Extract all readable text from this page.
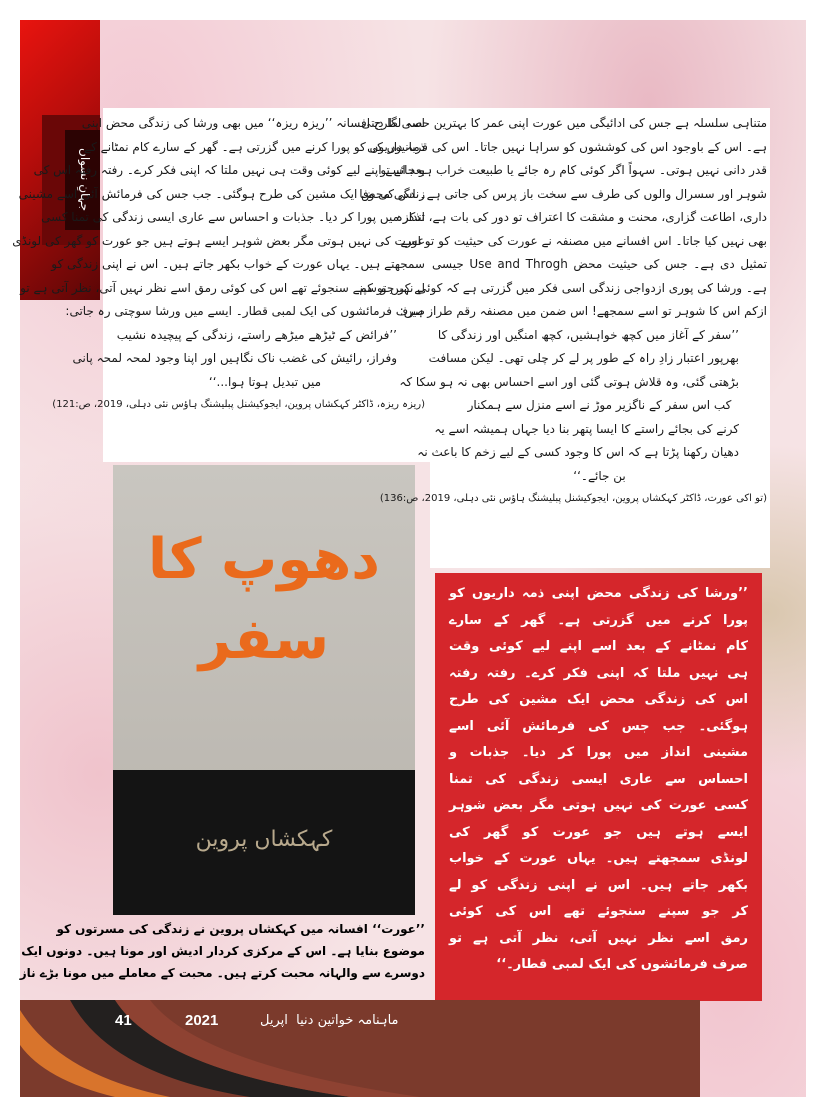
جہانِ نسواں

اسی طرح افسانہ ’’ریزہ ریزہ‘‘ میں بھی ورشا کی زندگی محض اپنی

ذمہ داریوں کو پورا کرنے میں گزرتی ہے۔ گھر کے سارے کام نمٹانے کے

بعد اسے اپنے لیے کوئی وقت ہی نہیں ملتا کہ اپنی فکر کرے۔ رفتہ رفتہ اس کی

زندگی محض ایک مشین کی طرح ہوگئی۔ جب جس کی فرمائش آئی اسے مشینی

انداز میں پورا کر دیا۔ جذبات و احساس سے عاری ایسی زندگی کی تمنا کسی

عورت کی نہیں ہوتی مگر بعض شوہر ایسے ہوتے ہیں جو عورت کو گھر کی لونڈی

سمجھتے ہیں۔ یہاں عورت کے خواب بکھر جاتے ہیں۔ اس نے اپنی زندگی کو

لے کر جو سپنے سنجوئے تھے اس کی کوئی رمق اسے نظر نہیں آتی، نظر آتی ہے تو

صرف فرمائشوں کی ایک لمبی قطار۔ ایسے میں ورشا سوچتی رہ جاتی:

’’فرائض کے ٹیڑھے میڑھے راستے، زندگی کے پیچیدہ نشیب
وفراز، رائیش کی غضب ناک نگاہیں اور اپنا وجود لمحہ لمحہ پانی
میں تبدیل ہوتا ہوا...‘‘
(ریزہ ریزہ، ڈاکٹر کہکشاں پروین، ایجوکیشنل پبلیشنگ ہاؤس نئی دہلی، 2019، ص:121)
دھوپ کا سفر
کہکشاں پروین
’’عورت‘‘ افسانہ میں کہکشاں پروین نے زندگی کی مسرتوں کو
موضوع بنایا ہے۔ اس کے مرکزی کردار ادیش اور مونا ہیں۔ دونوں ایک
دوسرے سے والہانہ محبت کرتے ہیں۔ محبت کے معاملے میں مونا بڑے ناز

متناہی سلسلہ ہے جس کی ادائیگی میں عورت اپنی عمر کا بہترین حصہ لگا دیتی

ہے۔ اس کے باوجود اس کی کوششوں کو سراہا نہیں جاتا۔ اس کی قربانیوں کی

قدر دانی نہیں ہوتی۔ سہواً اگر کوئی کام رہ جائے یا طبیعت خراب ہو جائے تو

شوہر اور سسرال والوں کی طرف سے سخت باز پرس کی جاتی ہے۔ اس کی وفا

داری، اطاعت گزاری، محنت و مشقت کا اعتراف تو دور کی بات ہے، تذکرہ

بھی نہیں کیا جاتا۔ اس افسانے میں مصنفہ نے عورت کی حیثیت کو تو اسے

تمثیل دی ہے۔ جس کی حیثیت محض Use and Throgh جیسی

ہے۔ ورشا کی پوری ازدواجی زندگی اسی فکر میں گزرتی ہے کہ کوئی نہیں تو کم

ازکم اس کا شوہر تو اسے سمجھے! اس ضمن میں مصنفہ رقم طراز ہیں:

’’سفر کے آغاز میں کچھ خواہشیں، کچھ امنگیں اور زندگی کا
بھرپور اعتبار زادِ راہ کے طور پر لے کر چلی تھی۔ لیکن مسافت
بڑھتی گئی، وہ قلاش ہوتی گئی اور اسے احساس بھی نہ ہو سکا کہ
کب اس سفر کے ناگزیر موڑ نے اسے منزل سے ہمکنار
کرنے کی بجائے راستے کا ایسا پتھر بنا دیا جہاں ہمیشہ اسے یہ
دھیان رکھنا پڑتا ہے کہ اس کا وجود کسی کے لیے زخم کا باعث نہ
بن جائے۔‘‘
(تو اکی عورت، ڈاکٹر کہکشاں پروین، ایجوکیشنل پبلیشنگ ہاؤس نئی دہلی، 2019، ص:136)
’’ورشا کی زندگی محض اپنی ذمہ داریوں کو
پورا کرنے میں گزرتی ہے۔ گھر کے سارے
کام نمٹانے کے بعد اسے اپنے لیے کوئی وقت
ہی نہیں ملتا کہ اپنی فکر کرے۔ رفتہ رفتہ
اس کی زندگی محض ایک مشین کی طرح
ہوگئی۔ جب جس کی فرمائش آئی اسے
مشینی انداز میں پورا کر دیا۔ جذبات و
احساس سے عاری ایسی زندگی کی تمنا
کسی عورت کی نہیں ہوتی مگر بعض شوہر
ایسے ہوتے ہیں جو عورت کو گھر کی
لونڈی سمجھتے ہیں۔ یہاں عورت کے خواب
بکھر جاتے ہیں۔ اس نے اپنی زندگی کو لے
کر جو سپنے سنجوئے تھے اس کی کوئی
رمق اسے نظر نہیں آتی، نظر آتی ہے تو
صرف فرمائشوں کی ایک لمبی قطار۔‘‘
41	2021	ماہنامہ خواتین دنیا  اپریل
